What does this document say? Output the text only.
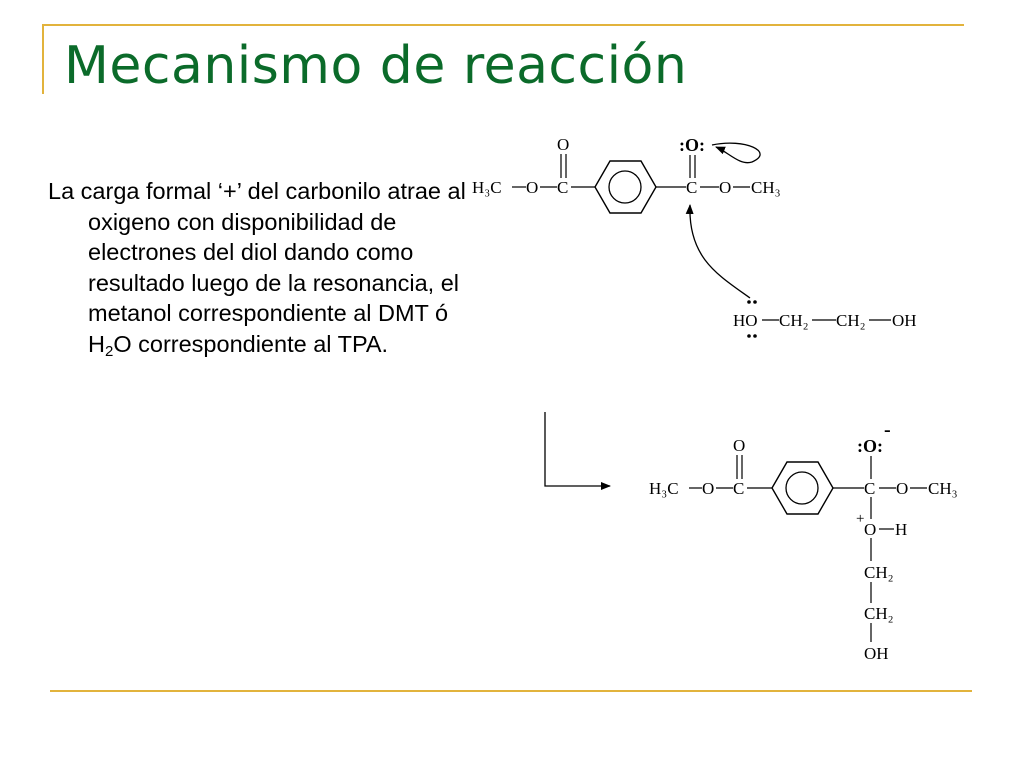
Mecanismo de reacción

La carga formal ‘+’ del carbonilo atrae al oxigeno con disponibilidad de electrones del diol dando como resultado luego de la resonancia, el metanol correspondiente al DMT ó $H_2O$ correspondiente al TPA.

H₃C O C
O
C
:O:
O CH₃
HO CH₂ CH₂ OH
H₃C O C
O
C
:O:
-
O CH₃
+
O H
CH₂
CH₂
OH
